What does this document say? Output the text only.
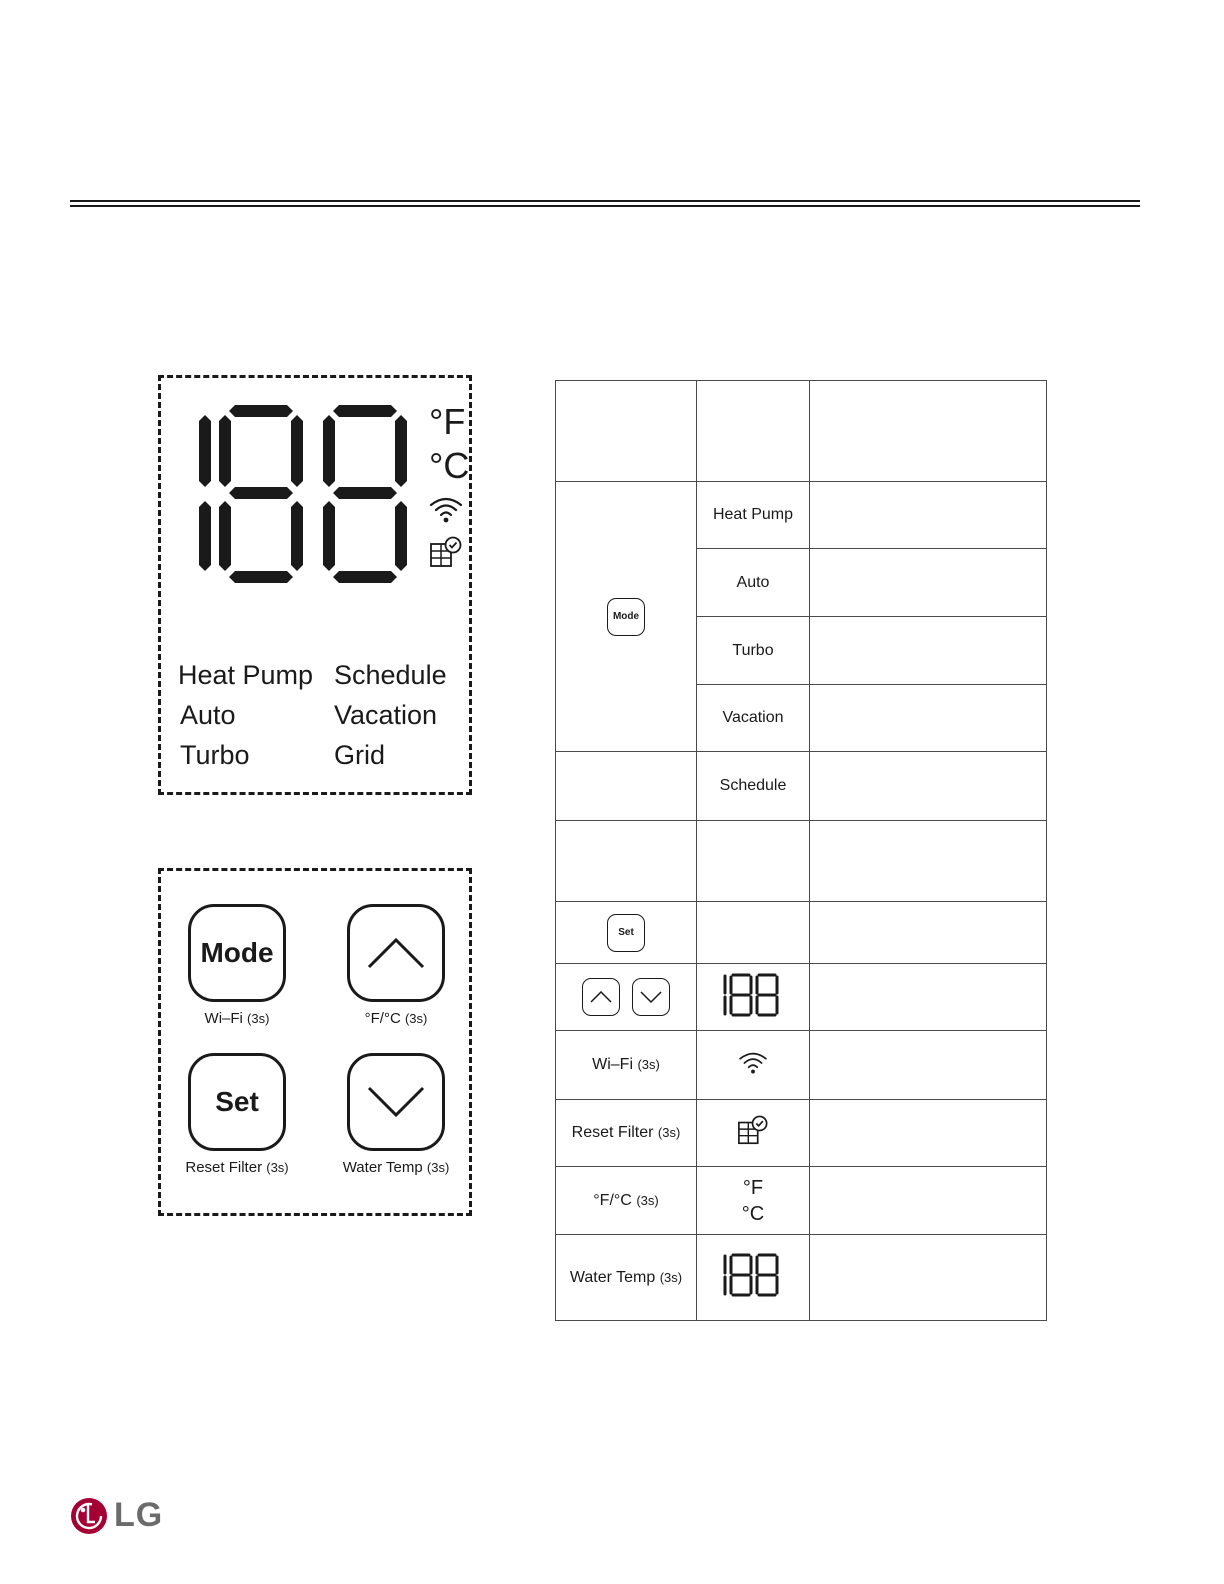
°F
°C
Heat Pump Schedule
Auto	Vacation
Turbo	Grid
Mode
Wi–Fi (3s)	°F/°C (3s)
Set
Reset Filter (3s)	Water Temp (3s)

Mode	Heat Pump	
	Auto	
	Turbo	
	Vacation	
	Schedule	

Set		

Wi–Fi (3s)		
Reset Filter (3s)		
°F/°C (3s)	°F
°C	

Water Temp (3s)		
LG
